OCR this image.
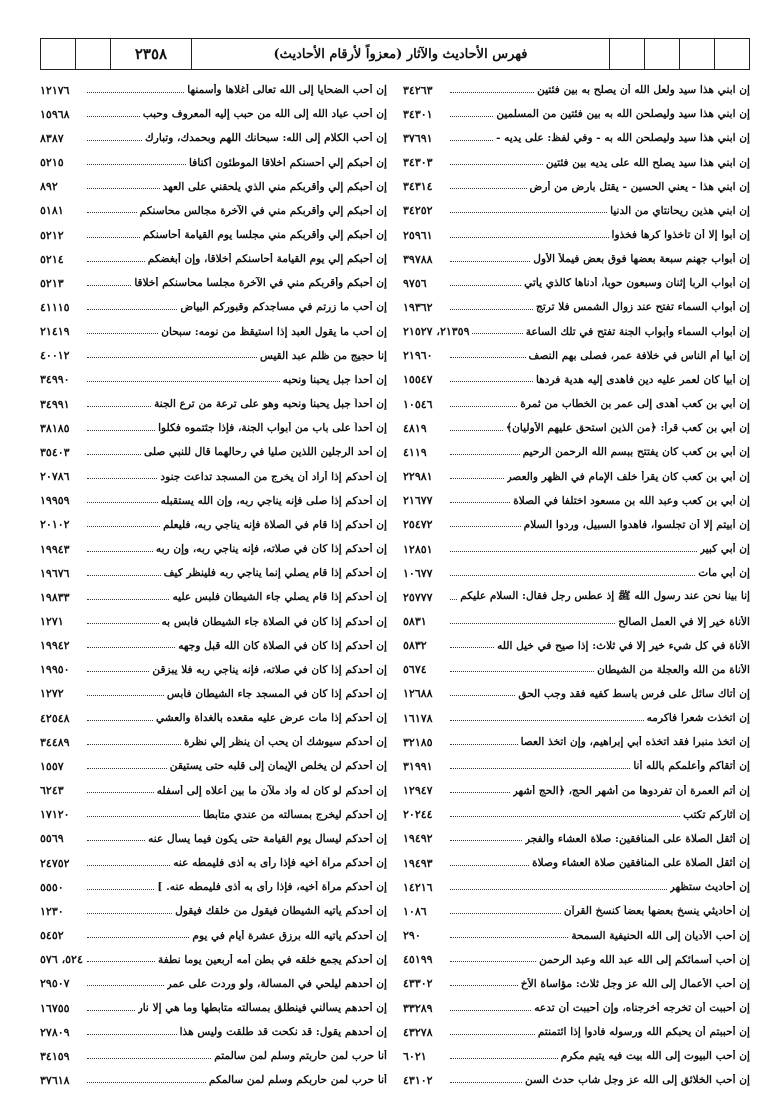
٢٣٥٨	فهرس الأحاديث والآثار (معزواً لأرقام الأحاديث)
إن ابني هذا سيد ولعل الله أن يصلح به بين فئتين
٣٤٢٦٣
إن ابني هذا سيد وليصلحن الله به بين فئتين من المسلمين
٣٤٣٠١
إن ابني هذا سيد وليصلحن الله به - وفي لفظ: على يديه -
٣٧٦٩١
إن ابني هذا سيد يصلح الله على يديه بين فئتين
٣٤٣٠٣
إن ابني هذا - يعني الحسين - يقتل بأرض من أرض
٣٤٣١٤
إن ابني هذين ريحانتاي من الدنيا
٣٤٢٥٢
إن أبوا إلا أن تأخذوا كرها فخذوا
٢٥٩٦١
إن أبواب جهنم سبعة بعضها فوق بعض فيملأ الأول
٣٩٧٨٨
إن أبواب الربا إثنان وسبعون حوباً، أدناها كالذي يأتي
٩٧٥٦
إن أبواب السماء تفتح عند زوال الشمس فلا ترتج
١٩٣٦٢
إن أبواب السماء وأبواب الجنة تفتح في تلك الساعة
٢١٣٥٩، ٢١٥٢٧
إن أبيا أم الناس في خلافة عمر، فصلى بهم النصف
٢١٩٦٠
إن أبيا كان لعمر عليه دين فأهدى إليه هدية فردها
١٥٥٤٧
إن أبي بن كعب أهدى إلى عمر بن الخطاب من ثمرة
١٠٥٤٦
إن أبي بن كعب قرأ: ﴿من الذين استحق عليهم الأوليان﴾
٤٨١٩
إن أبي بن كعب كان يفتتح ببسم الله الرحمن الرحيم
٤١١٩
إن أبي بن كعب كان يقرأ خلف الإمام في الظهر والعصر
٢٢٩٨١
إن أبي بن كعب وعبد الله بن مسعود اختلفا في الصلاة
٢١٦٧٧
إن أبيتم إلا أن تجلسوا، فاهدوا السبيل، وردوا السلام
٢٥٤٧٢
إن أبي كبير
١٢٨٥١
إن أبي مات
١٠٦٧٧
إنا بينا نحن عند رسول الله ﷺ إذ عطس رجل فقال: السلام عليكم
٢٥٧٧٧
الأناة خير إلا في العمل الصالح
٥٨٣١
الأناة في كل شيء خير إلا في ثلاث: إذا صيح في خيل الله
٥٨٣٢
الأناة من الله والعجلة من الشيطان
٥٦٧٤
إن أتاك سائل على فرس باسط كفيه فقد وجب الحق
١٢٦٨٨
إن اتخذت شعرا فاكرمه
١٦١٧٨
إن اتخذ منبرا فقد اتخذه أبي إبراهيم، وإن اتخذ العصا
٣٢١٨٥
إن أتقاكم وأعلمكم بالله أنا
٣١٩٩١
إن أتم العمرة أن تفردوها من أشهر الحج، ﴿الحج أشهر
١٢٩٤٧
إن آثاركم تكتب
٢٠٢٤٤
إن أثقل الصلاة على المنافقين: صلاة العشاء والفجر
١٩٤٩٢
إن أثقل الصلاة على المنافقين صلاة العشاء وصلاة
١٩٤٩٣
إن أحاديث ستظهر
١٤٢١٦
إن أحاديثي ينسخ بعضها بعضاً كنسخ القرآن
١٠٨٦
إن أحب الأديان إلى الله الحنيفية السمحة
٢٩٠
إن أحب أسمائكم إلى الله عبد الله وعبد الرحمن
٤٥١٩٩
إن أحب الأعمال إلى الله عز وجل ثلاث: مؤاساة الأخ
٤٣٣٠٢
إن أحببت أن تخرجه أخرجناه، وإن أحببت أن تدعه
٣٣٢٨٩
إن أحببتم أن يحبكم الله ورسوله فأدوا إذا ائتمنتم
٤٣٢٧٨
إن أحب البيوت إلى الله بيت فيه يتيم مكرم
٦٠٢١
إن أحب الخلائق إلى الله عز وجل شاب حدث السن
٤٣١٠٢
إن أحب الضحايا إلى الله تعالى أغلاها وأسمنها
١٢١٧٦
إن أحب عباد الله إلى الله من حبب إليه المعروف وحبب
١٥٩٦٨
إن أحب الكلام إلى الله: سبحانك اللهم وبحمدك، وتبارك
٨٣٨٧
إن أحبكم إلي أحسنكم أخلاقا الموطئون أكنافا
٥٢١٥
إن أحبكم إلي وأقربكم مني الذي يلحقني على العهد
٨٩٢
إن أحبكم إلي وأقربكم مني في الآخرة مجالس محاسنكم
٥١٨١
إن أحبكم إلي وأقربكم مني مجلسا يوم القيامة أحاسنكم
٥٢١٢
إن أحبكم إلي يوم القيامة أحاسنكم أخلاقا، وإن أبغضكم
٥٢١٤
إن أحبكم وأقربكم مني في الآخرة مجلسا محاسنكم أخلاقا
٥٢١٣
إن أحب ما زرتم في مساجدكم وقبوركم البياض
٤١١١٥
إن أحب ما يقول العبد إذا استيقظ من نومه: سبحان
٢١٤١٩
إنا حجيج من ظلم عبد القيس
٤٠٠١٢
إن أحدا جبل يحبنا ونحبه
٣٤٩٩٠
إن أحداً جبل يحبنا ونحبه وهو على ترعة من ترع الجنة
٣٤٩٩١
إن أحداً على باب من أبواب الجنة، فإذا جئتموه فكلوا
٣٨١٨٥
إن أحد الرجلين اللذين صليا في رحالهما قال للنبي صلى
٣٥٤٠٣
إن أحدكم إذا أراد أن يخرج من المسجد تداعت جنود
٢٠٧٨٦
إن أحدكم إذا صلى فإنه يناجي ربه، وإن الله يستقبله
١٩٩٥٩
إن أحدكم إذا قام في الصلاة فإنه يناجي ربه، فليعلم
٢٠١٠٢
إن أحدكم إذا كان في صلاته، فإنه يناجي ربه، وإن ربه
١٩٩٤٣
إن أحدكم إذا قام يصلي إنما يناجي ربه فلينظر كيف
١٩٦٧٦
إن أحدكم إذا قام يصلي جاء الشيطان فلبس عليه
١٩٨٣٣
إن أحدكم إذا كان في الصلاة جاء الشيطان فأبس به
١٢٧١
إن أحدكم إذا كان في الصلاة كان الله قبل وجهه
١٩٩٤٢
إن أحدكم إذا كان في صلاته، فإنه يناجي ربه فلا يبزقن
١٩٩٥٠
إن أحدكم إذا كان في المسجد جاء الشيطان فأبس
١٢٧٢
إن أحدكم إذا مات عرض عليه مقعده بالغداة والعشي
٤٢٥٤٨
إن أحدكم سيوشك أن يحب أن ينظر إلي نظرة
٣٤٤٨٩
إن أحدكم لن يخلص الإيمان إلى قلبه حتى يستيقن
١٥٥٧
إن أحدكم لو كان له واد ملآن ما بين أعلاه إلى أسفله
٦٢٤٣
إن أحدكم ليخرج بمسألته من عندي متأبطا
١٧١٢٠
إن أحدكم ليسأل يوم القيامة حتى يكون فيما يسأل عنه
٥٥٦٩
إن أحدكم مرآة أخيه فإذا رأى به أذى فليمطه عنه
٢٤٧٥٢
إن أحدكم مرآة أخيه، فإذا رأى به أذى فليمطه عنه. ]
٥٥٥٠
إن أحدكم يأتيه الشيطان فيقول من خلقك فيقول
١٢٣٠
إن أحدكم يأتيه الله برزق عشرة أيام في يوم
٥٤٥٢
إن أحدكم يجمع خلقه في بطن أمه أربعين يوما نطفة
٥٢٤، ٥٧٦
إن أحدهم ليلحي في المسألة، ولو وردت على عمر
٢٩٥٠٧
إن أحدهم يسألني فينطلق بمسألته متأبطها وما هي إلا نار
١٦٧٥٥
إن أحدهم يقول: قد نكحت قد طلقت وليس هذا
٢٧٨٠٩
أنا حرب لمن حاربتم وسلم لمن سالمتم
٣٤١٥٩
أنا حرب لمن حاربكم وسلم لمن سالمكم
٣٧٦١٨
